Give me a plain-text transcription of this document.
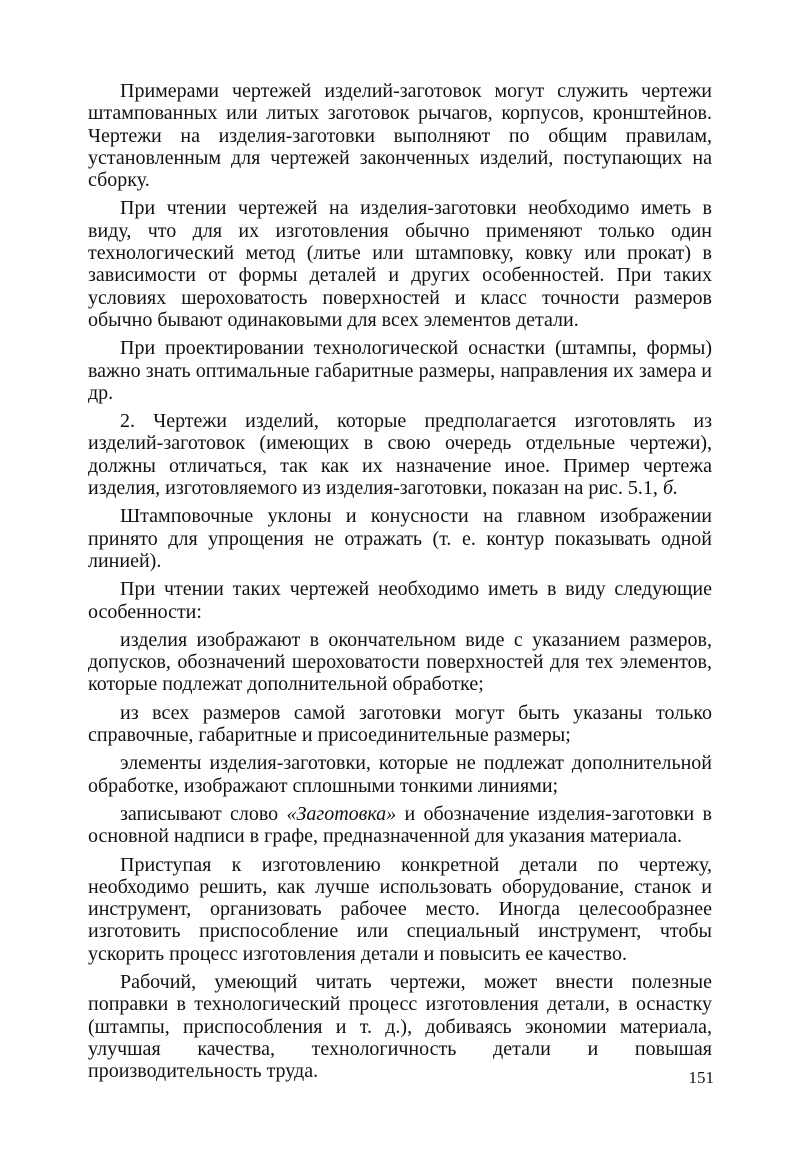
Примерами чертежей изделий-заготовок могут служить чертежи штампованных или литых заготовок рычагов, корпусов, кронштейнов. Чертежи на изделия-заготовки выполняют по общим правилам, установленным для чертежей законченных изделий, поступающих на сборку.

При чтении чертежей на изделия-заготовки необходимо иметь в виду, что для их изготовления обычно применяют только один технологический метод (литье или штамповку, ковку или прокат) в зависимости от формы деталей и других особенностей. При таких условиях шероховатость поверхностей и класс точности размеров обычно бывают одинаковыми для всех элементов детали.

При проектировании технологической оснастки (штампы, формы) важно знать оптимальные габаритные размеры, направления их замера и др.

2. Чертежи изделий, которые предполагается изготовлять из изделий-заготовок (имеющих в свою очередь отдельные чертежи), должны отличаться, так как их назначение иное. Пример чертежа изделия, изготовляемого из изделия-заготовки, показан на рис. 5.1, б.

Штамповочные уклоны и конусности на главном изображении принято для упрощения не отражать (т. е. контур показывать одной линией).

При чтении таких чертежей необходимо иметь в виду следующие особенности:

изделия изображают в окончательном виде с указанием размеров, допусков, обозначений шероховатости поверхностей для тех элементов, которые подлежат дополнительной обработке;

из всех размеров самой заготовки могут быть указаны только справочные, габаритные и присоединительные размеры;

элементы изделия-заготовки, которые не подлежат дополнительной обработке, изображают сплошными тонкими линиями;

записывают слово «Заготовка» и обозначение изделия-заготовки в основной надписи в графе, предназначенной для указания материала.

Приступая к изготовлению конкретной детали по чертежу, необходимо решить, как лучше использовать оборудование, станок и инструмент, организовать рабочее место. Иногда целесообразнее изготовить приспособление или специальный инструмент, чтобы ускорить процесс изготовления детали и повысить ее качество.

Рабочий, умеющий читать чертежи, может внести полезные поправки в технологический процесс изготовления детали, в оснастку (штампы, приспособления и т. д.), добиваясь экономии материала, улучшая качества, технологичность детали и повышая производительность труда.	151
